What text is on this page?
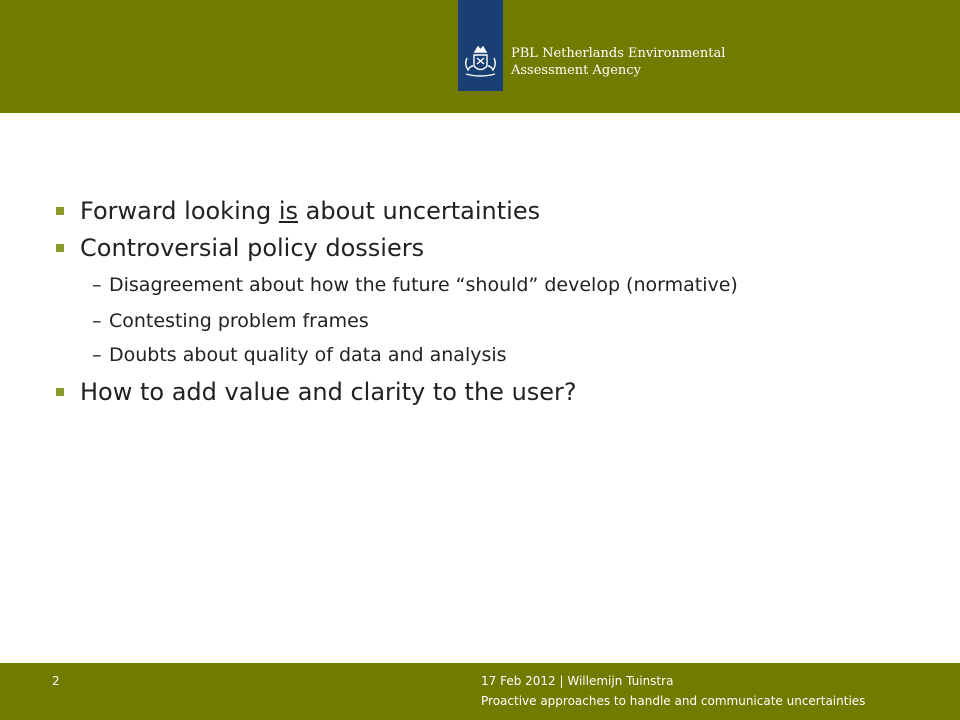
PBL Netherlands Environmental
Assessment Agency
Forward looking is about uncertainties
Controversial policy dossiers
– Disagreement about how the future “should” develop (normative)
– Contesting problem frames
– Doubts about quality of data and analysis
How to add value and clarity to the user?
2	17 Feb 2012 | Willemijn Tuinstra
Proactive approaches to handle and communicate uncertainties
